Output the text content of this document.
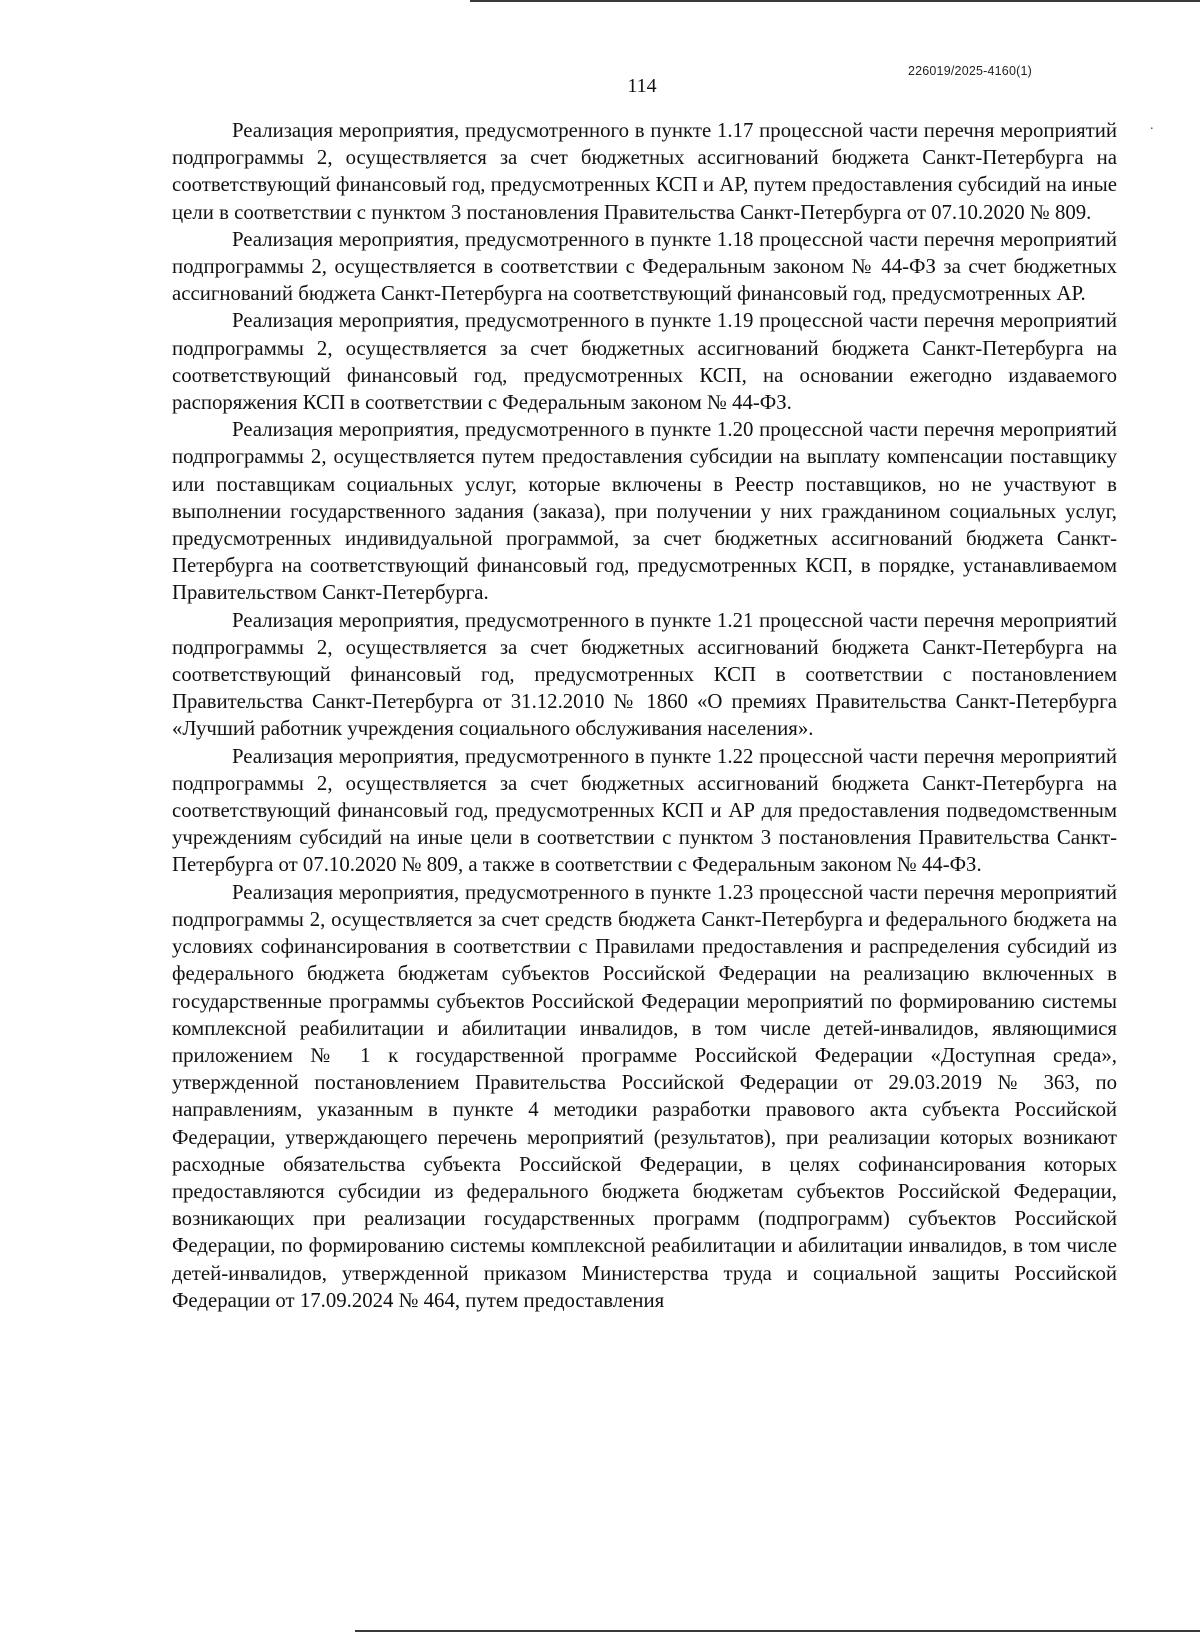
226019/2025-4160(1)
114
.

Реализация мероприятия, предусмотренного в пункте 1.17 процессной части перечня мероприятий подпрограммы 2, осуществляется за счет бюджетных ассигнований бюджета Санкт-Петербурга на соответствующий финансовый год, предусмотренных КСП и АР, путем предоставления субсидий на иные цели в соответствии с пунктом 3 постановления Правительства Санкт-Петербурга от 07.10.2020 № 809.

Реализация мероприятия, предусмотренного в пункте 1.18 процессной части перечня мероприятий подпрограммы 2, осуществляется в соответствии с Федеральным законом № 44-ФЗ за счет бюджетных ассигнований бюджета Санкт-Петербурга на соответствующий финансовый год, предусмотренных АР.

Реализация мероприятия, предусмотренного в пункте 1.19 процессной части перечня мероприятий подпрограммы 2, осуществляется за счет бюджетных ассигнований бюджета Санкт-Петербурга на соответствующий финансовый год, предусмотренных КСП, на основании ежегодно издаваемого распоряжения КСП в соответствии с Федеральным законом № 44-ФЗ.

Реализация мероприятия, предусмотренного в пункте 1.20 процессной части перечня мероприятий подпрограммы 2, осуществляется путем предоставления субсидии на выплату компенсации поставщику или поставщикам социальных услуг, которые включены в Реестр поставщиков, но не участвуют в выполнении государственного задания (заказа), при получении у них гражданином социальных услуг, предусмотренных индивидуальной программой, за счет бюджетных ассигнований бюджета Санкт-Петербурга на соответствующий финансовый год, предусмотренных КСП, в порядке, устанавливаемом Правительством Санкт-Петербурга.

Реализация мероприятия, предусмотренного в пункте 1.21 процессной части перечня мероприятий подпрограммы 2, осуществляется за счет бюджетных ассигнований бюджета Санкт-Петербурга на соответствующий финансовый год, предусмотренных КСП в соответствии с постановлением Правительства Санкт-Петербурга от 31.12.2010 № 1860 «О премиях Правительства Санкт-Петербурга «Лучший работник учреждения социального обслуживания населения».

Реализация мероприятия, предусмотренного в пункте 1.22 процессной части перечня мероприятий подпрограммы 2, осуществляется за счет бюджетных ассигнований бюджета Санкт-Петербурга на соответствующий финансовый год, предусмотренных КСП и АР для предоставления подведомственным учреждениям субсидий на иные цели в соответствии с пунктом 3 постановления Правительства Санкт-Петербурга от 07.10.2020 № 809, а также в соответствии с Федеральным законом № 44-ФЗ.

Реализация мероприятия, предусмотренного в пункте 1.23 процессной части перечня мероприятий подпрограммы 2, осуществляется за счет средств бюджета Санкт-Петербурга и федерального бюджета на условиях софинансирования в соответствии с Правилами предоставления и распределения субсидий из федерального бюджета бюджетам субъектов Российской Федерации на реализацию включенных в государственные программы субъектов Российской Федерации мероприятий по формированию системы комплексной реабилитации и абилитации инвалидов, в том числе детей-инвалидов, являющимися приложением № 1 к государственной программе Российской Федерации «Доступная среда», утвержденной постановлением Правительства Российской Федерации от 29.03.2019 № 363, по направлениям, указанным в пункте 4 методики разработки правового акта субъекта Российской Федерации, утверждающего перечень мероприятий (результатов), при реализации которых возникают расходные обязательства субъекта Российской Федерации, в целях софинансирования которых предоставляются субсидии из федерального бюджета бюджетам субъектов Российской Федерации, возникающих при реализации государственных программ (подпрограмм) субъектов Российской Федерации, по формированию системы комплексной реабилитации и абилитации инвалидов, в том числе детей-инвалидов, утвержденной приказом Министерства труда и социальной защиты Российской Федерации от 17.09.2024 № 464, путем предоставления
